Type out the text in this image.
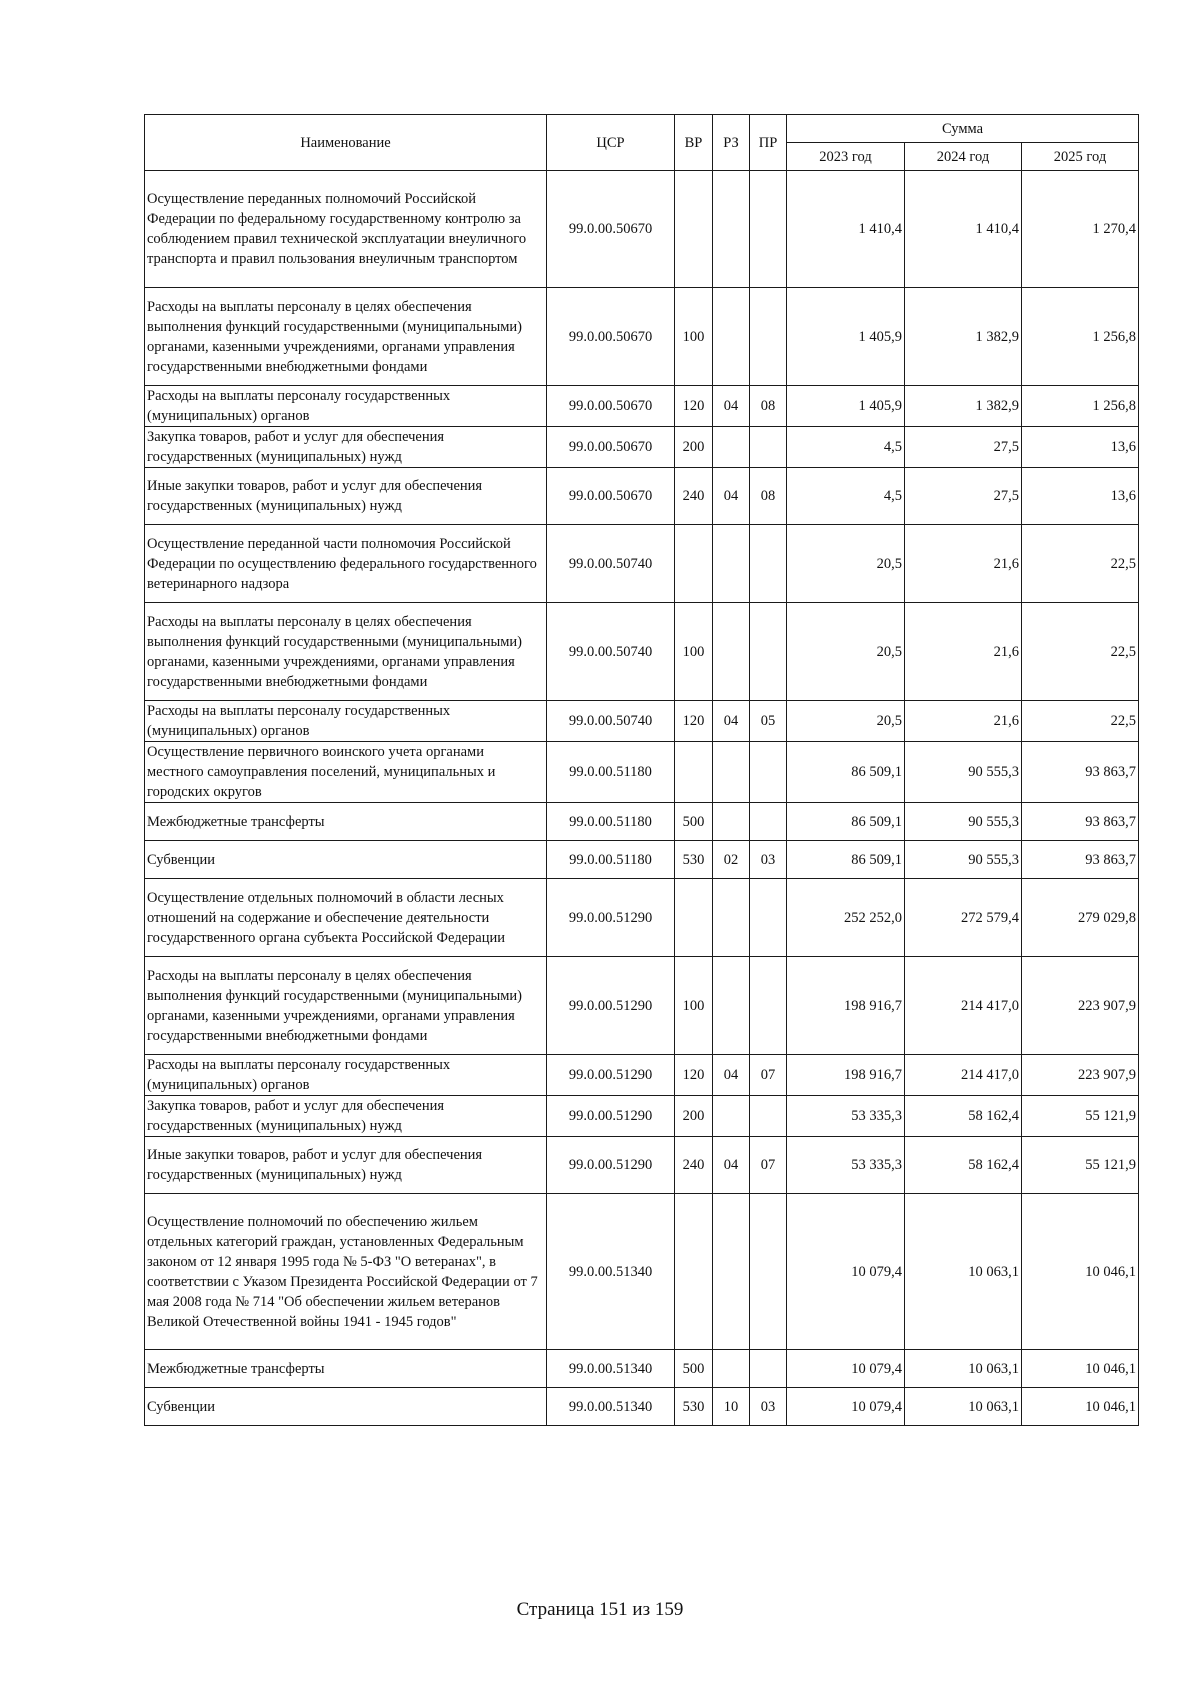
Наименование	ЦСР	ВР	РЗ	ПР	Сумма		
					2023 год	2024 год	2025 год
Осуществление переданных полномочий Российской Федерации по федеральному государственному контролю за соблюдением правил технической эксплуатации внеуличного транспорта и правил пользования внеуличным транспортом	99.0.00.50670				1 410,4	1 410,4	1 270,4
Расходы на выплаты персоналу в целях обеспечения выполнения функций государственными (муниципальными) органами, казенными учреждениями, органами управления государственными внебюджетными фондами	99.0.00.50670	100			1 405,9	1 382,9	1 256,8
Расходы на выплаты персоналу государственных (муниципальных) органов	99.0.00.50670	120	04	08	1 405,9	1 382,9	1 256,8
Закупка товаров, работ и услуг для обеспечения государственных (муниципальных) нужд	99.0.00.50670	200			4,5	27,5	13,6
Иные закупки товаров, работ и услуг для обеспечения государственных (муниципальных) нужд	99.0.00.50670	240	04	08	4,5	27,5	13,6
Осуществление переданной части полномочия Российской Федерации по осуществлению федерального государственного ветеринарного надзора	99.0.00.50740				20,5	21,6	22,5
Расходы на выплаты персоналу в целях обеспечения выполнения функций государственными (муниципальными) органами, казенными учреждениями, органами управления государственными внебюджетными фондами	99.0.00.50740	100			20,5	21,6	22,5
Расходы на выплаты персоналу государственных (муниципальных) органов	99.0.00.50740	120	04	05	20,5	21,6	22,5
Осуществление первичного воинского учета органами местного самоуправления поселений, муниципальных и городских округов	99.0.00.51180				86 509,1	90 555,3	93 863,7
Межбюджетные трансферты	99.0.00.51180	500			86 509,1	90 555,3	93 863,7
Субвенции	99.0.00.51180	530	02	03	86 509,1	90 555,3	93 863,7
Осуществление отдельных полномочий в области лесных отношений на содержание и обеспечение деятельности государственного органа субъекта Российской Федерации	99.0.00.51290				252 252,0	272 579,4	279 029,8
Расходы на выплаты персоналу в целях обеспечения выполнения функций государственными (муниципальными) органами, казенными учреждениями, органами управления государственными внебюджетными фондами	99.0.00.51290	100			198 916,7	214 417,0	223 907,9
Расходы на выплаты персоналу государственных (муниципальных) органов	99.0.00.51290	120	04	07	198 916,7	214 417,0	223 907,9
Закупка товаров, работ и услуг для обеспечения государственных (муниципальных) нужд	99.0.00.51290	200			53 335,3	58 162,4	55 121,9
Иные закупки товаров, работ и услуг для обеспечения государственных (муниципальных) нужд	99.0.00.51290	240	04	07	53 335,3	58 162,4	55 121,9
Осуществление полномочий по обеспечению жильем отдельных категорий граждан, установленных Федеральным законом от 12 января 1995 года № 5-ФЗ "О ветеранах", в соответствии с Указом Президента Российской Федерации от 7 мая 2008 года № 714 "Об обеспечении жильем ветеранов Великой Отечественной войны 1941 - 1945 годов"	99.0.00.51340				10 079,4	10 063,1	10 046,1
Межбюджетные трансферты	99.0.00.51340	500			10 079,4	10 063,1	10 046,1
Субвенции	99.0.00.51340	530	10	03	10 079,4	10 063,1	10 046,1
Страница 151 из 159
